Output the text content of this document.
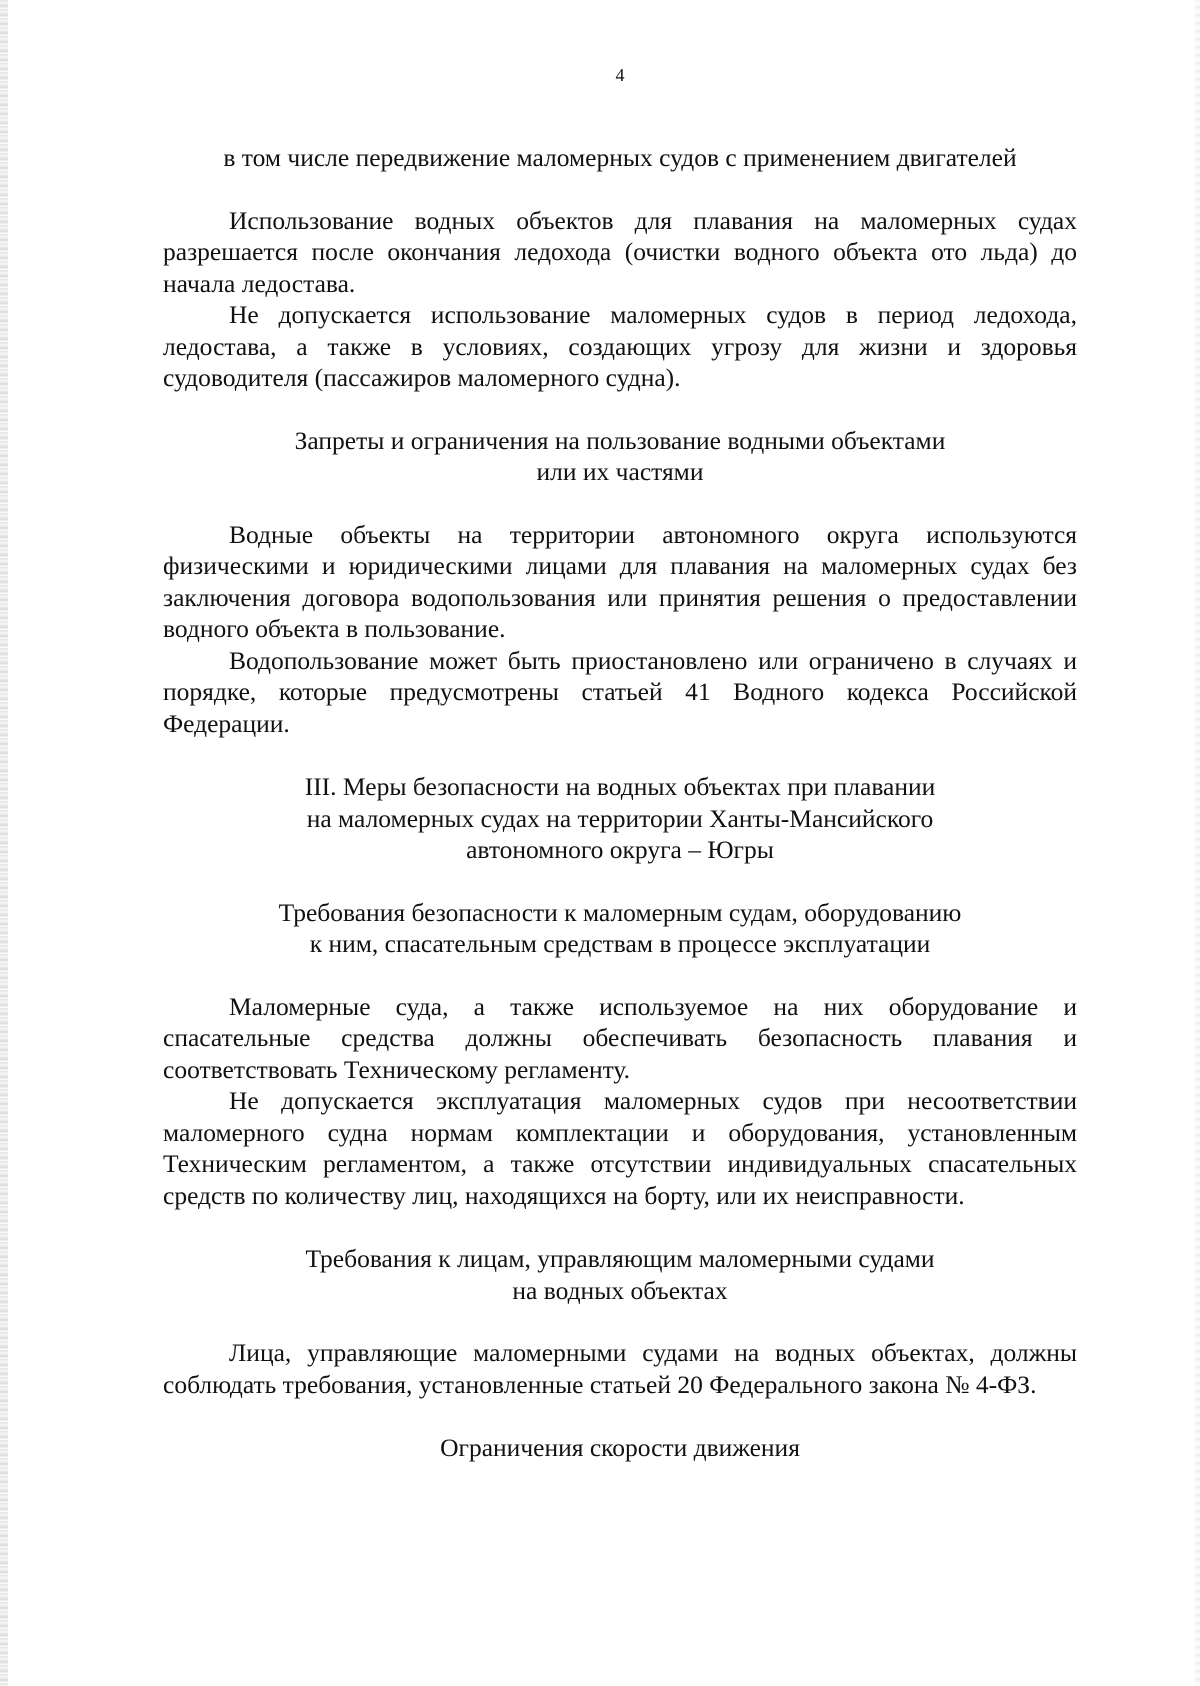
4

в том числе передвижение маломерных судов с применением двигателей

Использование водных объектов для плавания на маломерных судах разрешается после окончания ледохода (очистки водного объекта ото льда) до начала ледостава.

Не допускается использование маломерных судов в период ледохода, ледостава, а также в условиях, создающих угрозу для жизни и здоровья судоводителя (пассажиров маломерного судна).

Запреты и ограничения на пользование водными объектами

или их частями

Водные объекты на территории автономного округа используются физическими и юридическими лицами для плавания на маломерных судах без заключения договора водопользования или принятия решения о предоставлении водного объекта в пользование.

Водопользование может быть приостановлено или ограничено в случаях и порядке, которые предусмотрены статьей 41 Водного кодекса Российской Федерации.

III. Меры безопасности на водных объектах при плавании

на маломерных судах на территории Ханты-Мансийского

автономного округа – Югры

Требования безопасности к маломерным судам, оборудованию

к ним, спасательным средствам в процессе эксплуатации

Маломерные суда, а также используемое на них оборудование и спасательные средства должны обеспечивать безопасность плавания и соответствовать Техническому регламенту.

Не допускается эксплуатация маломерных судов при несоответствии маломерного судна нормам комплектации и оборудования, установленным Техническим регламентом, а также отсутствии индивидуальных спасательных средств по количеству лиц, находящихся на борту, или их неисправности.

Требования к лицам, управляющим маломерными судами

на водных объектах

Лица, управляющие маломерными судами на водных объектах, должны соблюдать требования, установленные статьей 20 Федерального закона № 4-ФЗ.

Ограничения скорости движения
